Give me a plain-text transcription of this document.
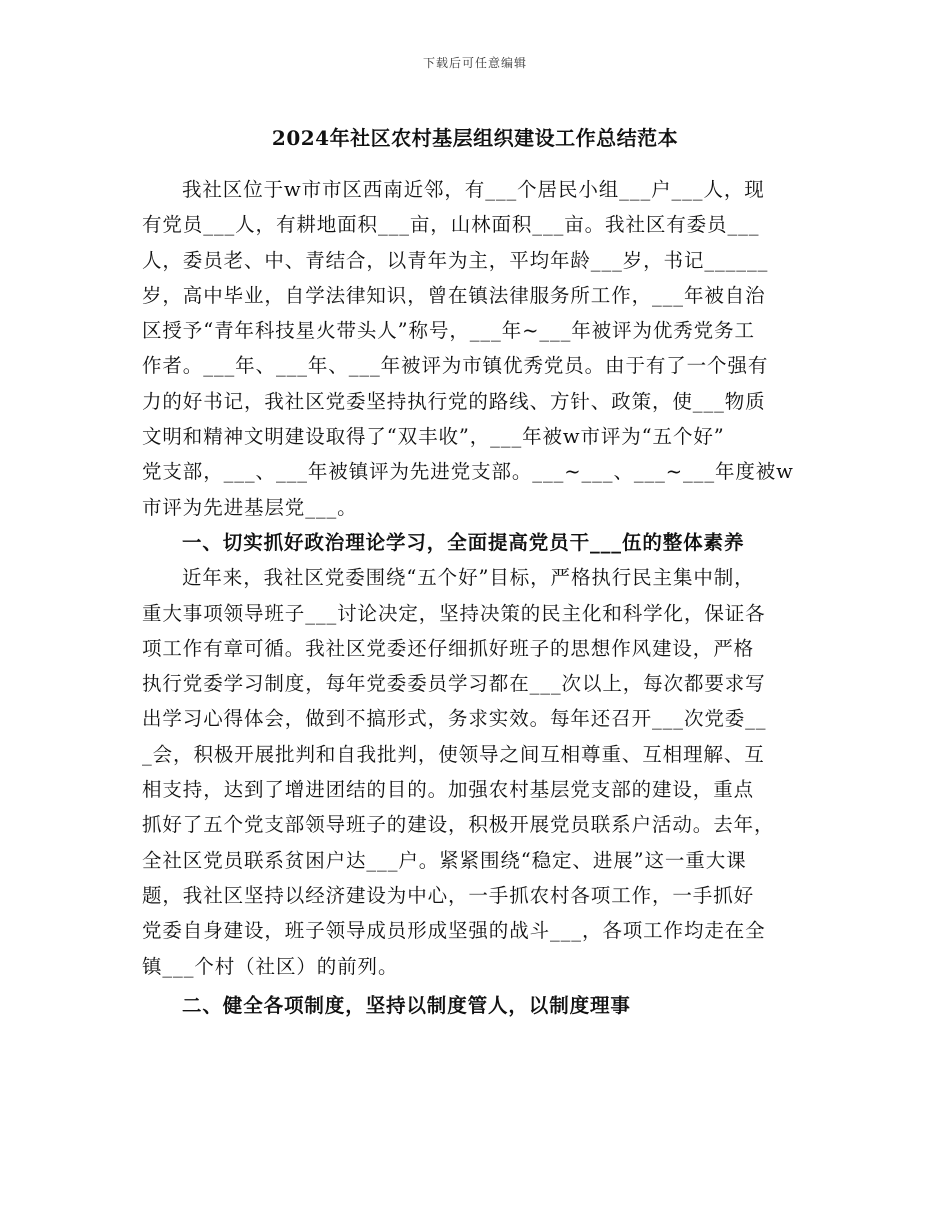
下载后可任意编辑
2024年社区农村基层组织建设工作总结范本
我社区位于w市市区西南近邻，有___个居民小组___户___人，现
有党员___人，有耕地面积___亩，山林面积___亩。我社区有委员___
人，委员老、中、青结合，以青年为主，平均年龄___岁，书记______
岁，高中毕业，自学法律知识，曾在镇法律服务所工作，___年被自治
区授予“青年科技星火带头人”称号，___年~___年被评为优秀党务工
作者。___年、___年、___年被评为市镇优秀党员。由于有了一个强有
力的好书记，我社区党委坚持执行党的路线、方针、政策，使___物质
文明和精神文明建设取得了“双丰收”，___年被w市评为“五个好”
党支部，___、___年被镇评为先进党支部。___~___、___~___年度被w
市评为先进基层党___。
一、切实抓好政治理论学习，全面提高党员干___伍的整体素养
近年来，我社区党委围绕“五个好”目标，严格执行民主集中制，
重大事项领导班子___讨论决定，坚持决策的民主化和科学化，保证各
项工作有章可循。我社区党委还仔细抓好班子的思想作风建设，严格
执行党委学习制度，每年党委委员学习都在___次以上，每次都要求写
出学习心得体会，做到不搞形式，务求实效。每年还召开___次党委__
_会，积极开展批判和自我批判，使领导之间互相尊重、互相理解、互
相支持，达到了增进团结的目的。加强农村基层党支部的建设，重点
抓好了五个党支部领导班子的建设，积极开展党员联系户活动。去年，
全社区党员联系贫困户达___户。紧紧围绕“稳定、进展”这一重大课
题，我社区坚持以经济建设为中心，一手抓农村各项工作，一手抓好
党委自身建设，班子领导成员形成坚强的战斗___，各项工作均走在全
镇___个村（社区）的前列。
二、健全各项制度，坚持以制度管人，以制度理事
